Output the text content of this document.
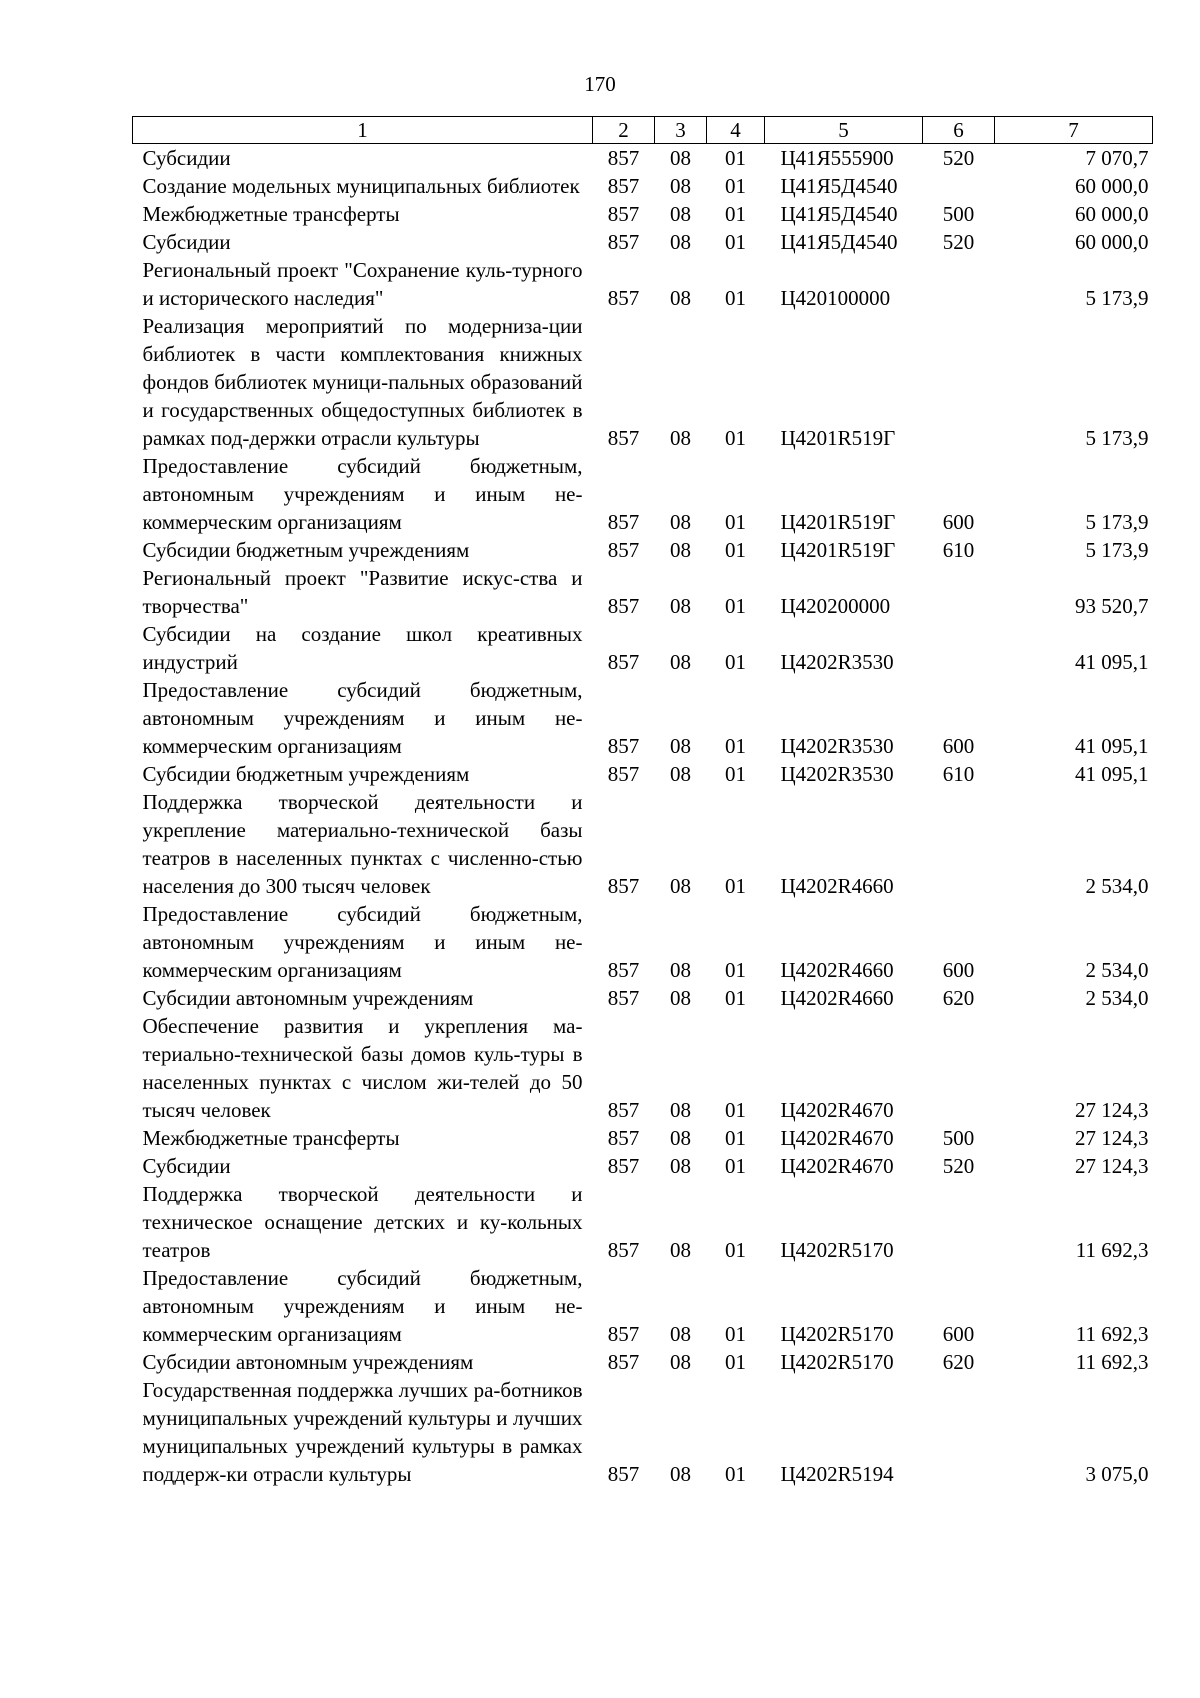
170
1	2	3	4	5	6	7
Субсидии	857	08	01	Ц41Я555900	520	7 070,7
Создание модельных муниципальных библиотек	857	08	01	Ц41Я5Д4540		60 000,0
Межбюджетные трансферты	857	08	01	Ц41Я5Д4540	500	60 000,0
Субсидии	857	08	01	Ц41Я5Д4540	520	60 000,0
Региональный проект "Сохранение куль-турного и исторического наследия"	857	08	01	Ц420100000		5 173,9
Реализация мероприятий по модерниза-ции библиотек в части комплектования книжных фондов библиотек муници-пальных образований и государственных общедоступных библиотек в рамках под-держки отрасли культуры	857	08	01	Ц4201R519Г		5 173,9
Предоставление субсидий бюджетным, автономным учреждениям и иным не-коммерческим организациям	857	08	01	Ц4201R519Г	600	5 173,9
Субсидии бюджетным учреждениям	857	08	01	Ц4201R519Г	610	5 173,9
Региональный проект "Развитие искус-ства и творчества"	857	08	01	Ц420200000		93 520,7
Субсидии на создание школ креативных индустрий	857	08	01	Ц4202R3530		41 095,1
Предоставление субсидий бюджетным, автономным учреждениям и иным не-коммерческим организациям	857	08	01	Ц4202R3530	600	41 095,1
Субсидии бюджетным учреждениям	857	08	01	Ц4202R3530	610	41 095,1
Поддержка творческой деятельности и укрепление материально-технической базы театров в населенных пунктах с численно-стью населения до 300 тысяч человек	857	08	01	Ц4202R4660		2 534,0
Предоставление субсидий бюджетным, автономным учреждениям и иным не-коммерческим организациям	857	08	01	Ц4202R4660	600	2 534,0
Субсидии автономным учреждениям	857	08	01	Ц4202R4660	620	2 534,0
Обеспечение развития и укрепления ма-териально-технической базы домов куль-туры в населенных пунктах с числом жи-телей до 50 тысяч человек	857	08	01	Ц4202R4670		27 124,3
Межбюджетные трансферты	857	08	01	Ц4202R4670	500	27 124,3
Субсидии	857	08	01	Ц4202R4670	520	27 124,3
Поддержка творческой деятельности и техническое оснащение детских и ку-кольных театров	857	08	01	Ц4202R5170		11 692,3
Предоставление субсидий бюджетным, автономным учреждениям и иным не-коммерческим организациям	857	08	01	Ц4202R5170	600	11 692,3
Субсидии автономным учреждениям	857	08	01	Ц4202R5170	620	11 692,3
Государственная поддержка лучших ра-ботников муниципальных учреждений культуры и лучших муниципальных учреждений культуры в рамках поддерж-ки отрасли культуры	857	08	01	Ц4202R5194		3 075,0
